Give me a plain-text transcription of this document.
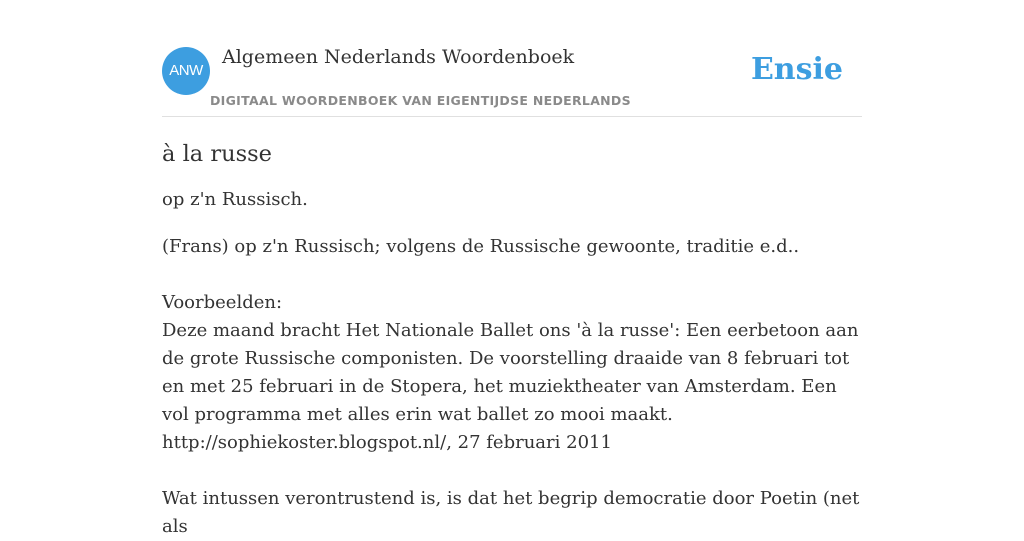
ANW
Algemeen Nederlands Woordenboek
DIGITAAL WOORDENBOEK VAN EIGENTIJDSE NEDERLANDS
Ensie
à la russe

op z'n Russisch.

(Frans) op z'n Russisch; volgens de Russische gewoonte, traditie e.d..

Voorbeelden:

Deze maand bracht Het Nationale Ballet ons 'à la russe': Een eerbetoon aan de grote Russische componisten. De voorstelling draaide van 8 februari tot en met 25 februari in de Stopera, het muziektheater van Amsterdam. Een vol programma met alles erin wat ballet zo mooi maakt.

http://sophiekoster.blogspot.nl/, 27 februari 2011

Wat intussen verontrustend is, is dat het begrip democratie door Poetin (net als
